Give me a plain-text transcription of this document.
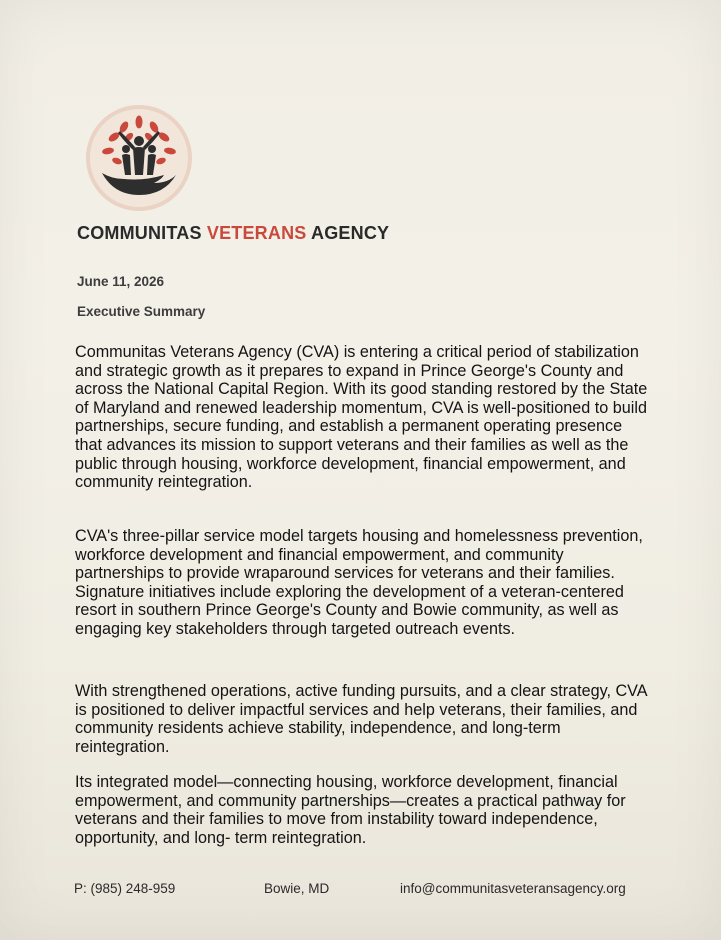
COMMUNITAS VETERANS AGENCY
June 11, 2026
Executive Summary
Communitas Veterans Agency (CVA) is entering a critical period of stabilization and strategic growth as it prepares to expand in Prince George's County and across the National Capital Region. With its good standing restored by the State of Maryland and renewed leadership momentum, CVA is well-positioned to build partnerships, secure funding, and establish a permanent operating presence that advances its mission to support veterans and their families as well as the public through housing, workforce development, financial empowerment, and community reintegration.
CVA's three-pillar service model targets housing and homelessness prevention, workforce development and financial empowerment, and community partnerships to provide wraparound services for veterans and their families. Signature initiatives include exploring the development of a veteran-centered resort in southern Prince George's County and Bowie community, as well as engaging key stakeholders through targeted outreach events.
With strengthened operations, active funding pursuits, and a clear strategy, CVA is positioned to deliver impactful services and help veterans, their families, and community residents achieve stability, independence, and long-term reintegration.
Its integrated model—connecting housing, workforce development, financial empowerment, and community partnerships—creates a practical pathway for veterans and their families to move from instability toward independence, opportunity, and long- term reintegration.
P: (985) 248-959	Bowie, MD	info@communitasveteransagency.org
